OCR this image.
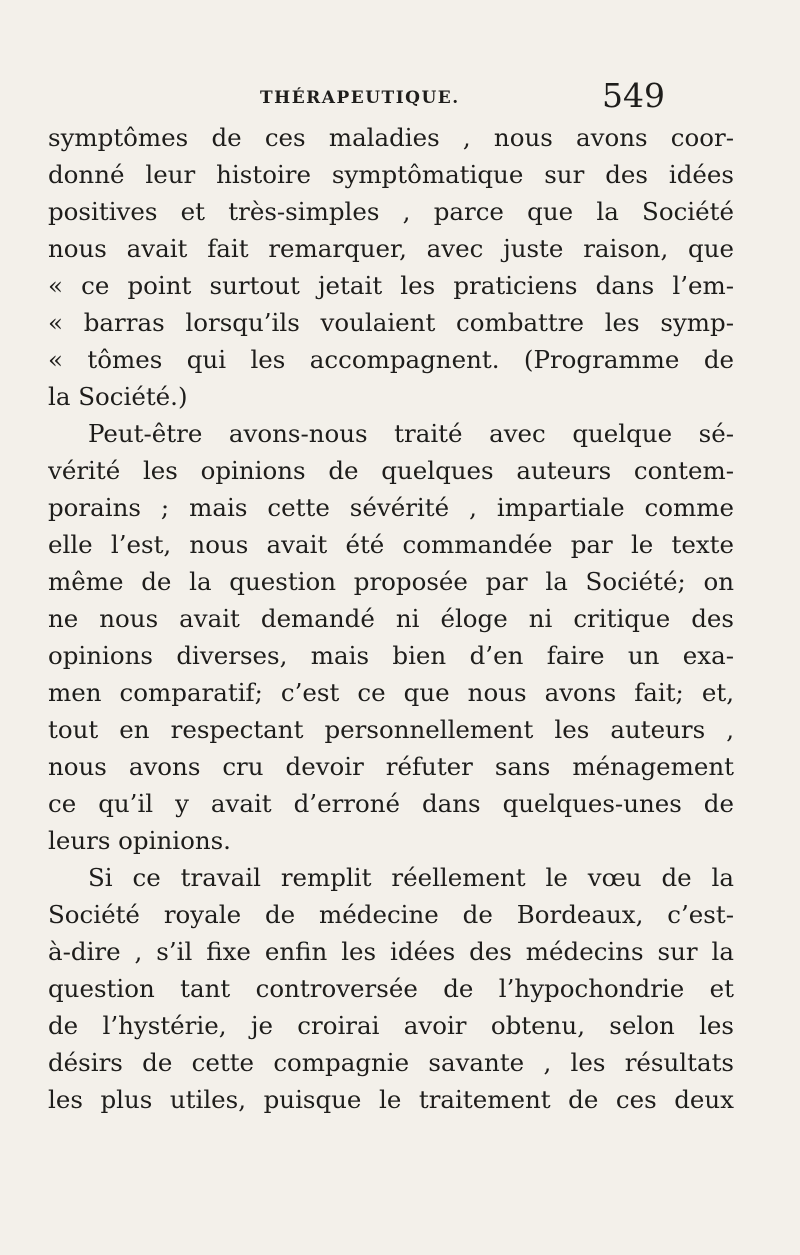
THÉRAPEUTIQUE.	549
symptômes de ces maladies , nous avons coor-
donné leur histoire symptômatique sur des idées
positives et très-simples , parce que la Société
nous avait fait remarquer, avec juste raison, que
« ce point surtout jetait les praticiens dans l’em-
« barras lorsqu’ils voulaient combattre les symp-
« tômes qui les accompagnent. (Programme de
la Société.)
Peut-être avons-nous traité avec quelque sé-
vérité les opinions de quelques auteurs contem-
porains ; mais cette sévérité , impartiale comme
elle l’est, nous avait été commandée par le texte
même de la question proposée par la Société; on
ne nous avait demandé ni éloge ni critique des
opinions diverses, mais bien d’en faire un exa-
men comparatif; c’est ce que nous avons fait; et,
tout en respectant personnellement les auteurs ,
nous avons cru devoir réfuter sans ménagement
ce qu’il y avait d’erroné dans quelques-unes de
leurs opinions.
Si ce travail remplit réellement le vœu de la
Société royale de médecine de Bordeaux, c’est-
à-dire , s’il fixe enfin les idées des médecins sur la
question tant controversée de l’hypochondrie et
de l’hystérie, je croirai avoir obtenu, selon les
désirs de cette compagnie savante , les résultats
les plus utiles, puisque le traitement de ces deux
